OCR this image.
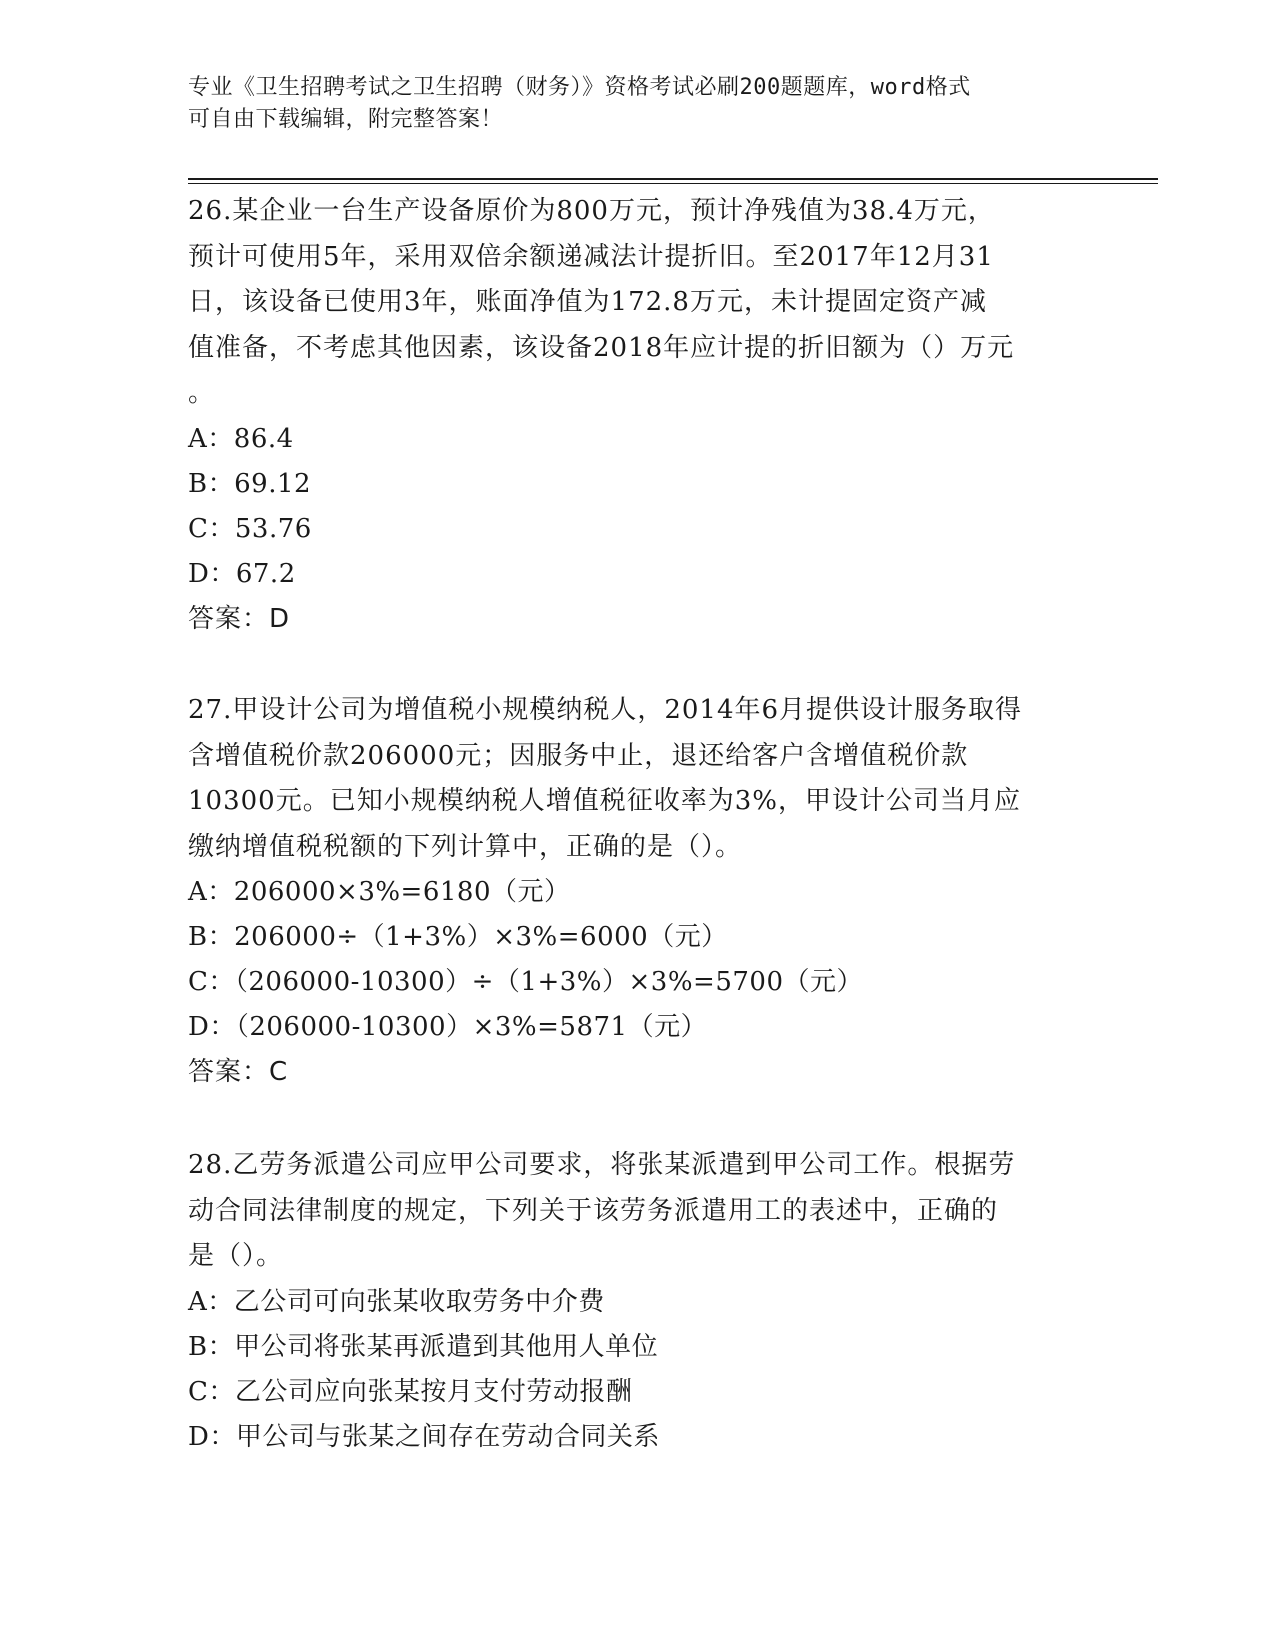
专业《卫生招聘考试之卫生招聘（财务）》资格考试必刷200题题库，word格式
可自由下载编辑，附完整答案！
26.某企业一台生产设备原价为800万元，预计净残值为38.4万元，
预计可使用5年，采用双倍余额递减法计提折旧。至2017年12月31
日，该设备已使用3年，账面净值为172.8万元，未计提固定资产减
值准备，不考虑其他因素，该设备2018年应计提的折旧额为（）万元
。
A：86.4
B：69.12
C：53.76
D：67.2
答案：D
27.甲设计公司为增值税小规模纳税人，2014年6月提供设计服务取得
含增值税价款206000元；因服务中止，退还给客户含增值税价款
10300元。已知小规模纳税人增值税征收率为3%，甲设计公司当月应
缴纳增值税税额的下列计算中，正确的是（）。
A：206000×3%=6180（元）
B：206000÷（1+3%）×3%=6000（元）
C：（206000-10300）÷（1+3%）×3%=5700（元）
D：（206000-10300）×3%=5871（元）
答案：C
28.乙劳务派遣公司应甲公司要求，将张某派遣到甲公司工作。根据劳
动合同法律制度的规定，下列关于该劳务派遣用工的表述中，正确的
是（）。
A：乙公司可向张某收取劳务中介费
B：甲公司将张某再派遣到其他用人单位
C：乙公司应向张某按月支付劳动报酬
D：甲公司与张某之间存在劳动合同关系
